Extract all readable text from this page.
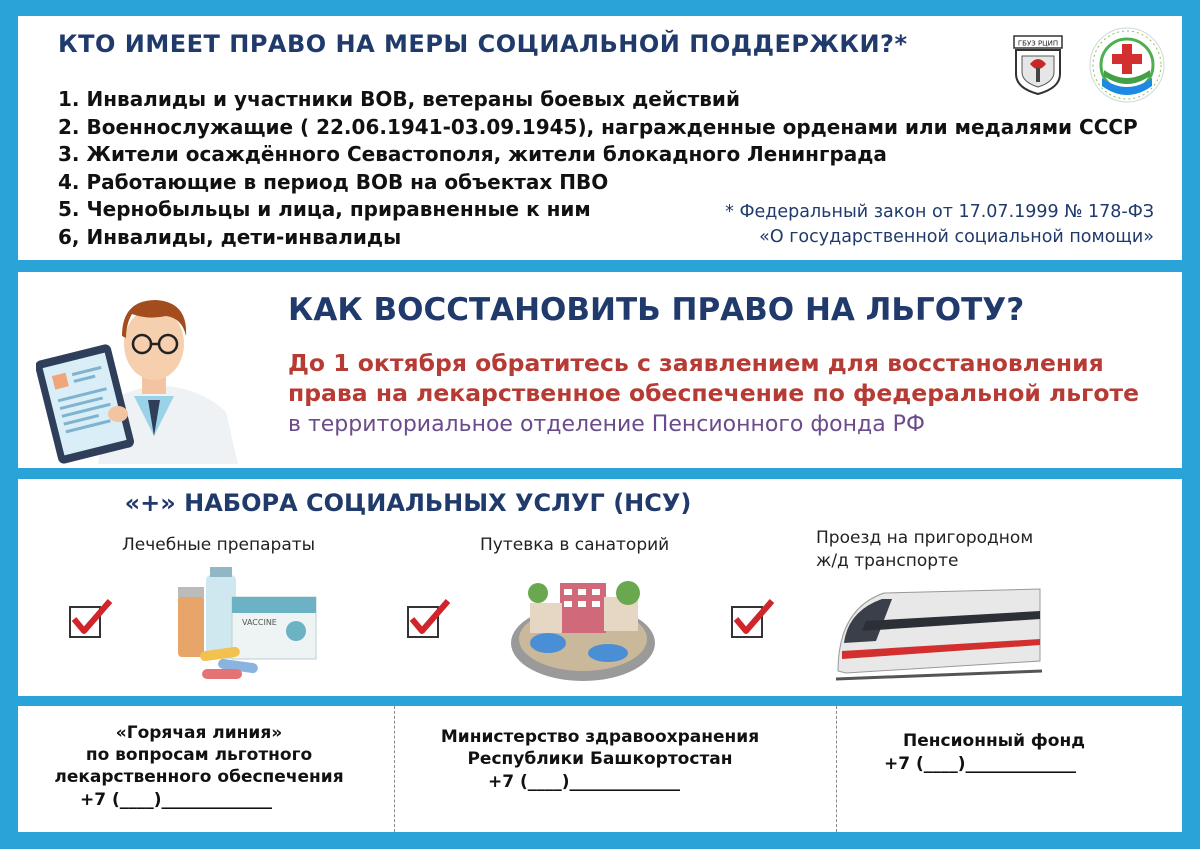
КТО ИМЕЕТ ПРАВО НА МЕРЫ СОЦИАЛЬНОЙ ПОДДЕРЖКИ?*
1. Инвалиды и участники ВОВ, ветераны боевых действий
2. Военнослужащие ( 22.06.1941-03.09.1945), награжденные орденами или медалями СССР
3. Жители осаждённого Севастополя, жители блокадного Ленинграда
4. Работающие в период ВОВ на объектах ПВО
5. Чернобыльцы и лица, приравненные к ним
6, Инвалиды, дети-инвалиды
* Федеральный закон от 17.07.1999 № 178-ФЗ
«О государственной социальной помощи»
ГБУЗ РЦИП
КАК ВОССТАНОВИТЬ ПРАВО НА ЛЬГОТУ?
До 1 октября обратитесь с заявлением для восстановления
права на лекарственное обеспечение по федеральной льготе
в территориальное отделение Пенсионного фонда РФ
«+» НАБОРА СОЦИАЛЬНЫХ УСЛУГ (НСУ)
Лечебные препараты
VACCINE
Путевка в санаторий	Проезд на пригородном
ж/д транспорте
«Горячая линия»
по вопросам льготного
лекарственного обеспечения
+7 (____)_____________
Министерство здравоохранения
Республики Башкортостан
+7 (____)_____________
Пенсионный фонд
+7 (____)_____________
